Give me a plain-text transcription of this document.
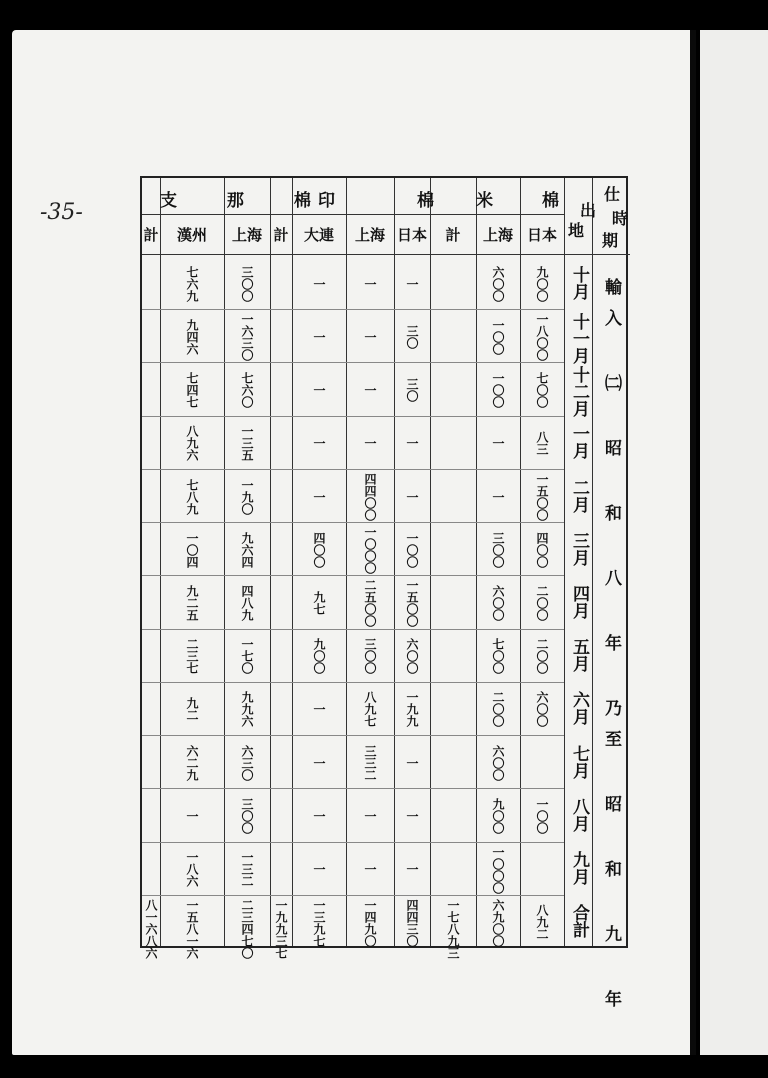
-35-	米　棉
印　　棉
支 那 棉	仕
時
出
地
期
日本
上海
計
日本
上海
大連
計
上海
漢州
計
十月
十一月
十二月
一月
二月
三月
四月
五月
六月
七月
八月
九月
合計 輸入 ㈡ 昭 和 八 年 乃至 昭 和 九 年
九〇〇
六〇〇
一
一
一
三〇〇
七六九
一八〇〇
一〇〇
三〇
一
一
一六三〇
九四六
七〇〇
一〇〇
三〇
一
一
七六〇
七四七
八三
一
一
一
一
一三五
八九六
一五〇〇
一
一
四四〇〇
一
一九〇
七八九
四〇〇
三〇〇
一〇〇
一〇〇〇
四〇〇
九六四
一〇四
二〇〇
六〇〇
一五〇〇
二五〇〇
九七
四八九
九二五
二〇〇
七〇〇
六〇〇
三〇〇
九〇〇
一七〇
二三七
六〇〇
二〇〇
一九九
八九七
一
九九六
九二
六〇〇
一
三三二
一
六三〇
六二九
一〇〇
九〇〇
一
一
一
三〇〇
一
一〇〇〇
一
一
一
一三二
一八六
八九二
六九〇〇
一七八九三
四四三〇
一四九〇
一三九七
一九九三七
二三四七〇
一五八一六
八一六八六
